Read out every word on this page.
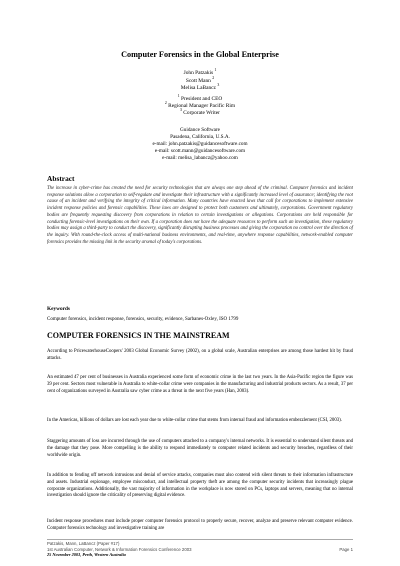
Computer Forensics in the Global Enterprise
John Patzakis $^1$
Scott Mann $^2$
Melisa LaBancz $^3$
$^1$ President and CEO
$^2$ Regional Manager Pacific Rim
$^3$ Corporate Writer
Guidance Software
Pasadena, California, U.S.A.
e-mail: john.patzakis@guidancesoftware.com
e-mail: scott.mann@guidancesoftware.com
e-mail: melisa_labancz@yahoo.com
Abstract
The increase in cyber-crime has created the need for security technologies that are always one step ahead of the criminal. Computer forensics and incident response solutions allow a corporation to self-regulate and investigate their infrastructure with a significantly increased level of assurance; identifying the root cause of an incident and verifying the integrity of critical information. Many countries have enacted laws that call for corporations to implement extensive incident response policies and forensic capabilities. These laws are designed to protect both customers and ultimately, corporations. Government regulatory bodies are frequently requesting discovery from corporations in relation to certain investigations or allegations. Corporations are held responsible for conducting forensic-level investigations on their own. If a corporation does not have the adequate resources to perform such an investigation, these regulatory bodies may assign a third-party to conduct the discovery, significantly disrupting business processes and giving the corporation no control over the direction of the inquiry. With round-the-clock access of multi-national business environments, and real-time, anywhere response capabilities, network-enabled computer forensics provides the missing link in the security arsenal of today's corporations.
Keywords
Computer forensics, incident response, forensics, security, evidence, Sarbanes-Oxley, ISO 1799
COMPUTER FORENSICS IN THE MAINSTREAM
According to PricewaterhouseCoopers' 2003 Global Economic Survey (2002), on a global scale, Australian enterprises are among those hardest hit by fraud attacks.
An estimated 47 per cent of businesses in Australia experienced some form of economic crime in the last two years. In the Asia-Pacific region the figure was 39 per cent. Sectors most vulnerable in Australia to white-collar crime were companies in the manufacturing and industrial products sectors. As a result, 37 per cent of organizations surveyed in Australia saw cyber crime as a threat in the next five years (Han, 2003).
In the Americas, billions of dollars are lost each year due to white-collar crime that stems from internal fraud and information embezzlement (CSI, 2003).
Staggering amounts of loss are incurred through the use of computers attached to a company's internal networks. It is essential to understand silent threats and the damage that they pose. More compelling is the ability to respond immediately to computer related incidents and security breaches, regardless of their worldwide origin.
In addition to fending off network intrusions and denial of service attacks, companies must also contend with silent threats to their information infrastructure and assets. Industrial espionage, employee misconduct, and intellectual property theft are among the computer security incidents that increasingly plague corporate organizations. Additionally, the vast majority of information in the workplace is now stored on PCs, laptops and servers, meaning that no internal investigation should ignore the criticality of preserving digital evidence.
Incident response procedures must include proper computer forensics protocol to properly secure, recover, analyze and preserve relevant computer evidence. Computer forensics technology and investigative training are
Patzakis, Mann, LaBancz (Paper #17)
1st Australian Computer, Network & Information Forensics Conference 2003	Page 1
25 November 2003, Perth, Western Australia
